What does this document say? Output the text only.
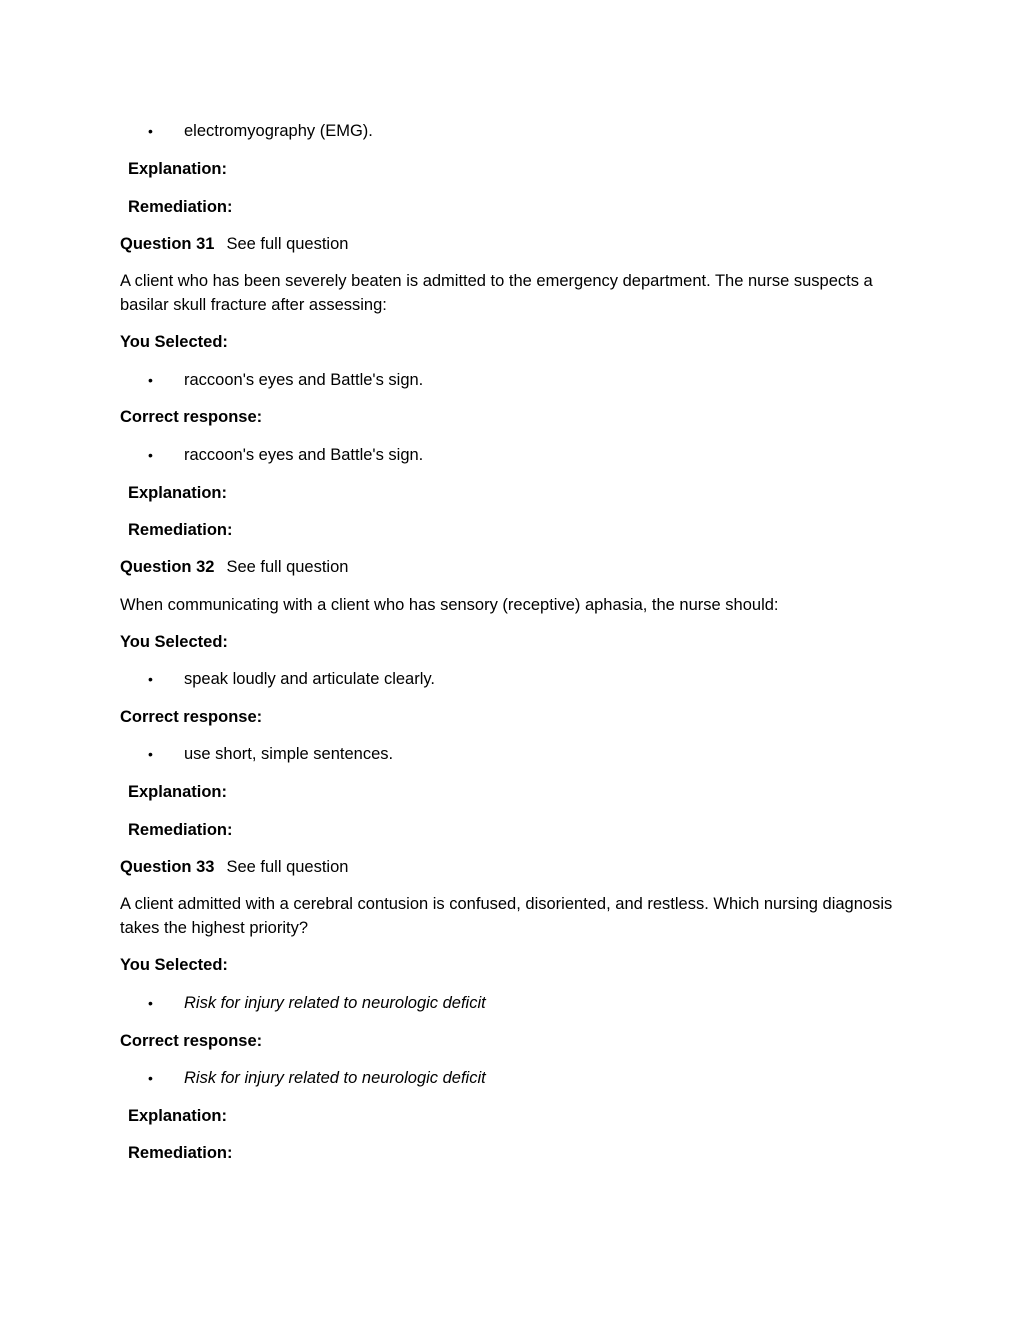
• electromyography (EMG).
Explanation:
Remediation:
Question 31 See full question
A client who has been severely beaten is admitted to the emergency department. The nurse suspects a basilar skull fracture after assessing:
You Selected:
• raccoon's eyes and Battle's sign.
Correct response:
• raccoon's eyes and Battle's sign.
Explanation:
Remediation:
Question 32 See full question
When communicating with a client who has sensory (receptive) aphasia, the nurse should:
You Selected:
• speak loudly and articulate clearly.
Correct response:
• use short, simple sentences.
Explanation:
Remediation:
Question 33 See full question
A client admitted with a cerebral contusion is confused, disoriented, and restless. Which nursing diagnosis takes the highest priority?
You Selected:
• Risk for injury related to neurologic deficit
Correct response:
• Risk for injury related to neurologic deficit
Explanation:
Remediation:
